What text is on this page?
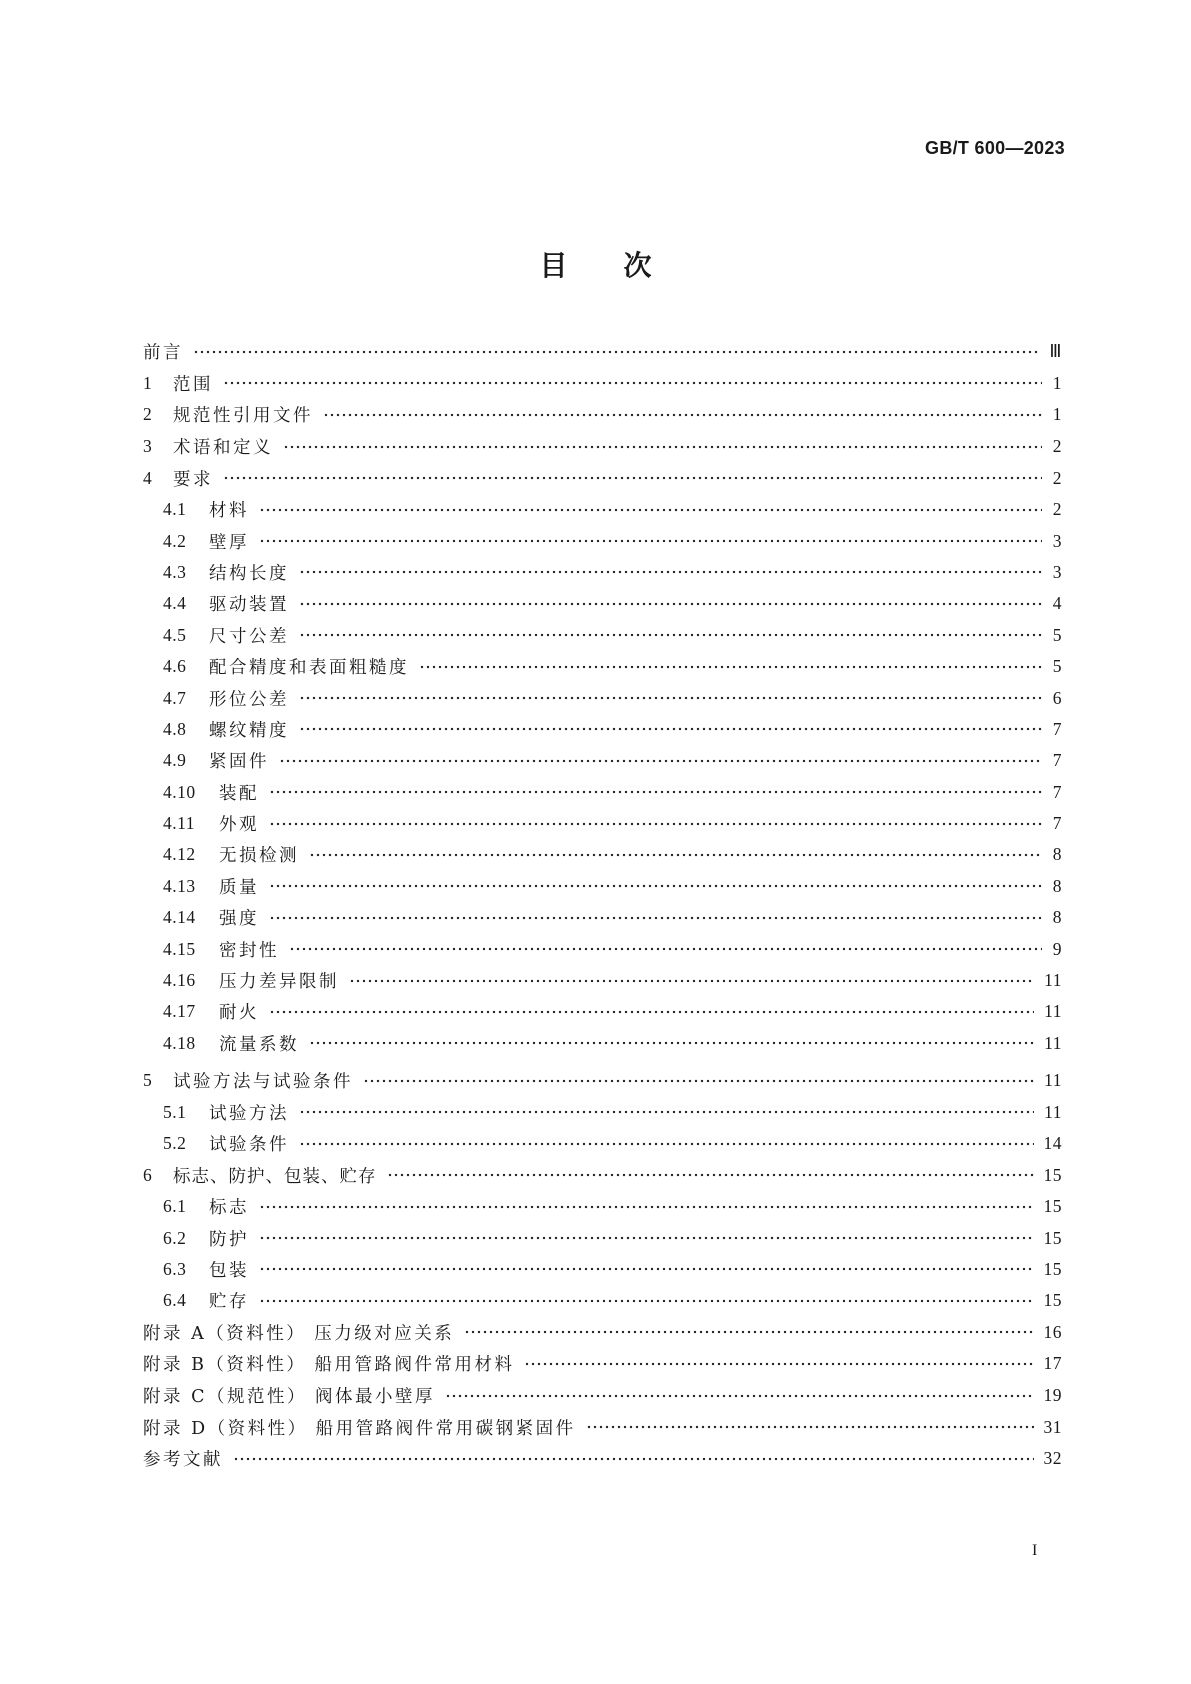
GB/T 600—2023
目次
前言	Ⅲ
1	范围	1
2	规范性引用文件	1
3	术语和定义	2
4	要求	2
4.1	材料	2
4.2	壁厚	3
4.3	结构长度	3
4.4	驱动装置	4
4.5	尺寸公差	5
4.6	配合精度和表面粗糙度	5
4.7	形位公差	6
4.8	螺纹精度	7
4.9	紧固件	7
4.10	装配	7
4.11	外观	7
4.12	无损检测	8
4.13	质量	8
4.14	强度	8
4.15	密封性	9
4.16	压力差异限制	11
4.17	耐火	11
4.18	流量系数	11
5	试验方法与试验条件	11
5.1	试验方法	11
5.2	试验条件	14
6	标志、防护、包装、贮存	15
6.1	标志	15
6.2	防护	15
6.3	包装	15
6.4	贮存	15
附录 A（资料性） 压力级对应关系	16
附录 B（资料性） 船用管路阀件常用材料	17
附录 C（规范性） 阀体最小壁厚	19
附录 D（资料性） 船用管路阀件常用碳钢紧固件	31
参考文献	32
I
